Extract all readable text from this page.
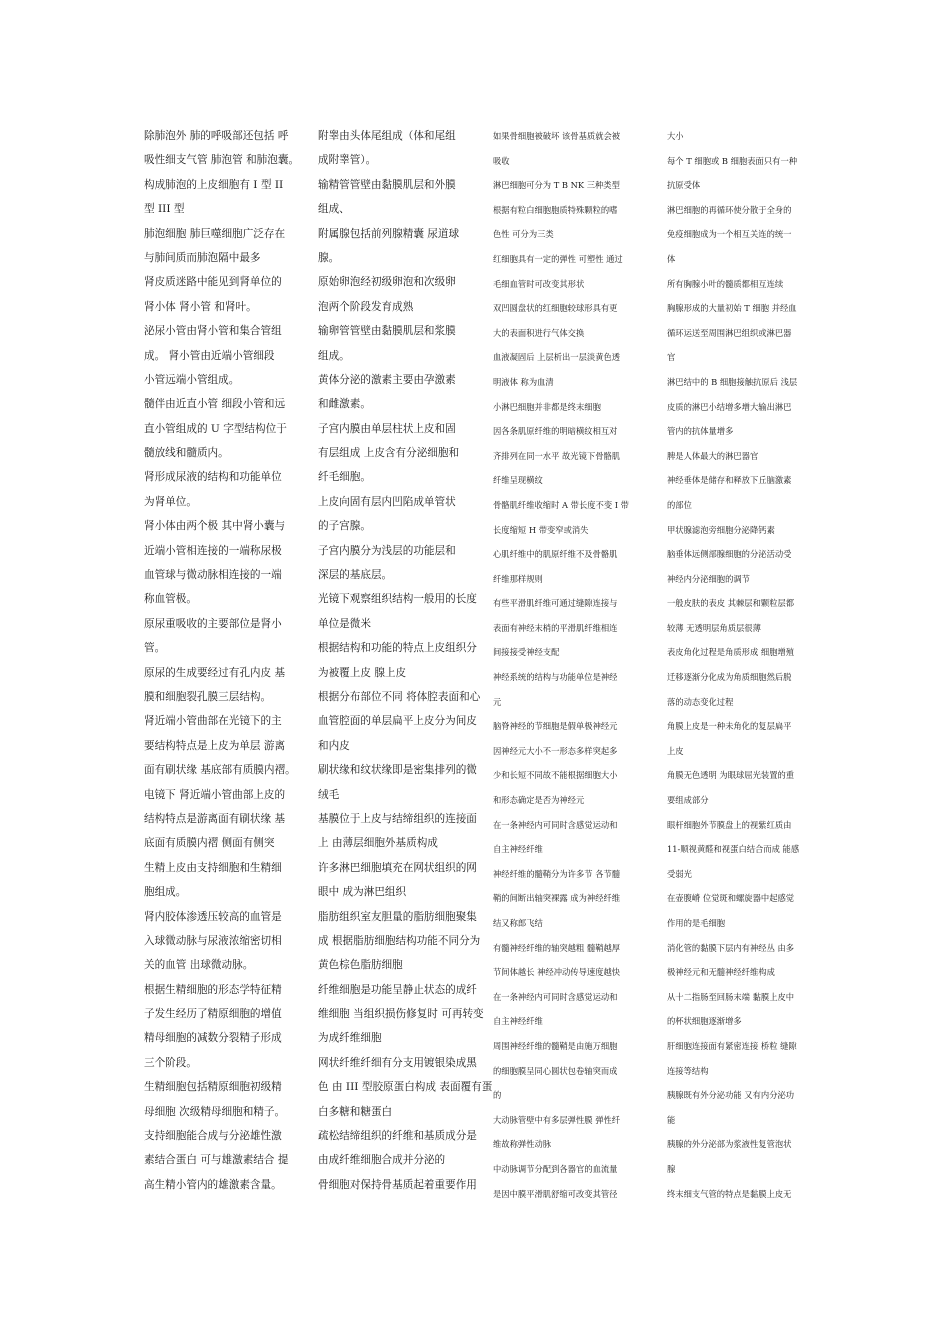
除肺泡外 肺的呼吸部还包括 呼
吸性细支气管 肺泡管 和肺泡囊。
构成肺泡的上皮细胞有 I 型 II
型 III 型
肺泡细胞 肺巨噬细胞广泛存在
与肺间质而肺泡隔中最多
肾皮质迷路中能见到肾单位的
肾小体 肾小管 和肾叶。
泌尿小管由肾小管和集合管组
成。 肾小管由近端小管细段
小管远端小管组成。
髓伴由近直小管 细段小管和远
直小管组成的 U 字型结构位于
髓放线和髓质内。
肾形成尿液的结构和功能单位
为肾单位。
肾小体由两个极 其中肾小囊与
近端小管相连接的一端称尿极
血管球与微动脉相连接的一端
称血管极。
原尿重吸收的主要部位是肾小
管。
原尿的生成要经过有孔内皮 基
膜和细胞裂孔膜三层结构。
肾近端小管曲部在光镜下的主
要结构特点是上皮为单层 游离
面有刷状缘 基底部有质膜内褶。
电镜下 肾近端小管曲部上皮的
结构特点是游离面有刷状缘 基
底面有质膜内褶 侧面有侧突
生精上皮由支持细胞和生精细
胞组成。
肾内胶体渗透压较高的血管是
入球微动脉与尿液浓缩密切相
关的血管 出球微动脉。
根据生精细胞的形态学特征精
子发生经历了精原细胞的增值
精母细胞的减数分裂精子形成
三个阶段。
生精细胞包括精原细胞初级精
母细胞 次级精母细胞和精子。
支持细胞能合成与分泌雄性激
素结合蛋白 可与雄激素结合 提
高生精小管内的雄激素含量。
附睾由头体尾组成（体和尾组
成附睾管）。
输精管管壁由黏膜肌层和外膜
组成、
附属腺包括前列腺精囊 尿道球
腺。
原始卵泡经初级卵泡和次级卵
泡两个阶段发育成熟
输卵管管壁由黏膜肌层和浆膜
组成。
黄体分泌的激素主要由孕激素
和雌激素。
子宫内膜由单层柱状上皮和固
有层组成 上皮含有分泌细胞和
纤毛细胞。
上皮向固有层内凹陷成单管状
的子宫腺。
子宫内膜分为浅层的功能层和
深层的基底层。
光镜下观察组织结构一般用的长度
单位是微米
根据结构和功能的特点上皮组织分
为被覆上皮 腺上皮
根据分布部位不同 将体腔表面和心
血管腔面的单层扁平上皮分为间皮
和内皮
刷状缘和纹状缘即是密集排列的微
绒毛
基膜位于上皮与结缔组织的连接面
上 由薄层细胞外基质构成
许多淋巴细胞填充在网状组织的网
眼中 成为淋巴组织
脂肪组织室友胆量的脂肪细胞聚集
成 根据脂肪细胞结构功能不同分为
黄色棕色脂肪细胞
纤维细胞是功能呈静止状态的成纤
维细胞 当组织损伤修复时 可再转变
为成纤维细胞
网状纤维纤细有分支用镀银染成黑
色 由 III 型胶原蛋白构成 表面覆有蛋
白多糖和糖蛋白
疏松结缔组织的纤维和基质成分是
由成纤维细胞合成并分泌的
骨细胞对保持骨基质起着重要作用
如果骨细胞被破坏 该骨基质就会被
吸收
淋巴细胞可分为 T B NK 三种类型
根据有粒白细胞胞质特殊颗粒的嗜
色性 可分为三类
红细胞具有一定的弹性 可塑性 通过
毛细血管时可改变其形状
双凹圆盘状的红细胞较球形具有更
大的表面积进行气体交换
血液凝固后 上层析出一层淡黄色透
明液体 称为血清
小淋巴细胞并非都是终末细胞
因各条肌原纤维的明暗横纹相互对
齐排列在同一水平 故光镜下骨骼肌
纤维呈现横纹
骨骼肌纤维收缩时 A 带长度不变 I 带
长度缩短 H 带变窄或消失
心肌纤维中的肌原纤维不及骨骼肌
纤维那样规则
有些平滑肌纤维可通过缝隙连接与
表面有神经末梢的平滑肌纤维相连
间接接受神经支配
神经系统的结构与功能单位是神经
元
脑脊神经的节细胞是假单极神经元
因神经元大小不一形态多样突起多
少和长短不同故不能根据细胞大小
和形态确定是否为神经元
在一条神经内可同时含感觉运动和
自主神经纤维
神经纤维的髓鞘分为许多节 各节髓
鞘的间断出轴突裸露 成为神经纤维
结又称郎飞结
有髓神经纤维的轴突越粗 髓鞘越厚
节间体越长 神经冲动传导速度越快
在一条神经内可同时含感觉运动和
自主神经纤维
周围神经纤维的髓鞘是由施万细胞
的细胞膜呈同心圆状包卷轴突而成
的
大动脉管壁中有多层弹性膜 弹性纤
维故称弹性动脉
中动脉调节分配到各器官的血流量
是因中膜平滑肌舒缩可改变其管径
大小
每个 T 细胞或 B 细胞表面只有一种
抗原受体
淋巴细胞的再循环使分散于全身的
免疫细胞成为一个相互关连的统一
体
所有胸腺小叶的髓质都相互连续
胸腺形成的大量初始 T 细胞 并经血
循环运送至周围淋巴组织或淋巴器
官
淋巴结中的 B 细胞接触抗原后 浅层
皮质的淋巴小结增多增大输出淋巴
管内的抗体量增多
脾是人体最大的淋巴器官
神经垂体是储存和释放下丘脑激素
的部位
甲状腺滤泡旁细胞分泌降钙素
脑垂体远侧部腺细胞的分泌活动受
神经内分泌细胞的调节
一般皮肤的表皮 其棘层和颗粒层都
较薄 无透明层角质层很薄
表皮角化过程是角质形成 细胞增殖
迁移逐渐分化成为角质细胞然后脱
落的动态变化过程
角膜上皮是一种未角化的复层扁平
上皮
角膜无色透明 为眼球屈光装置的重
要组成部分
眼杆细胞外节膜盘上的视紫红质由
11-顺视黄醛和视蛋白结合而成 能感
受弱光
在壶腹嵴 位觉斑和螺旋器中起感觉
作用的是毛细胞
消化管的黏膜下层内有神经丛 由多
极神经元和无髓神经纤维构成
从十二指肠至回肠末端 黏膜上皮中
的杯状细胞逐渐增多
肝细胞连接面有紧密连接 桥粒 缝隙
连接等结构
胰腺既有外分泌功能 又有内分泌功
能
胰腺的外分泌部为浆液性复管泡状
腺
终末细支气管的特点是黏膜上皮无
